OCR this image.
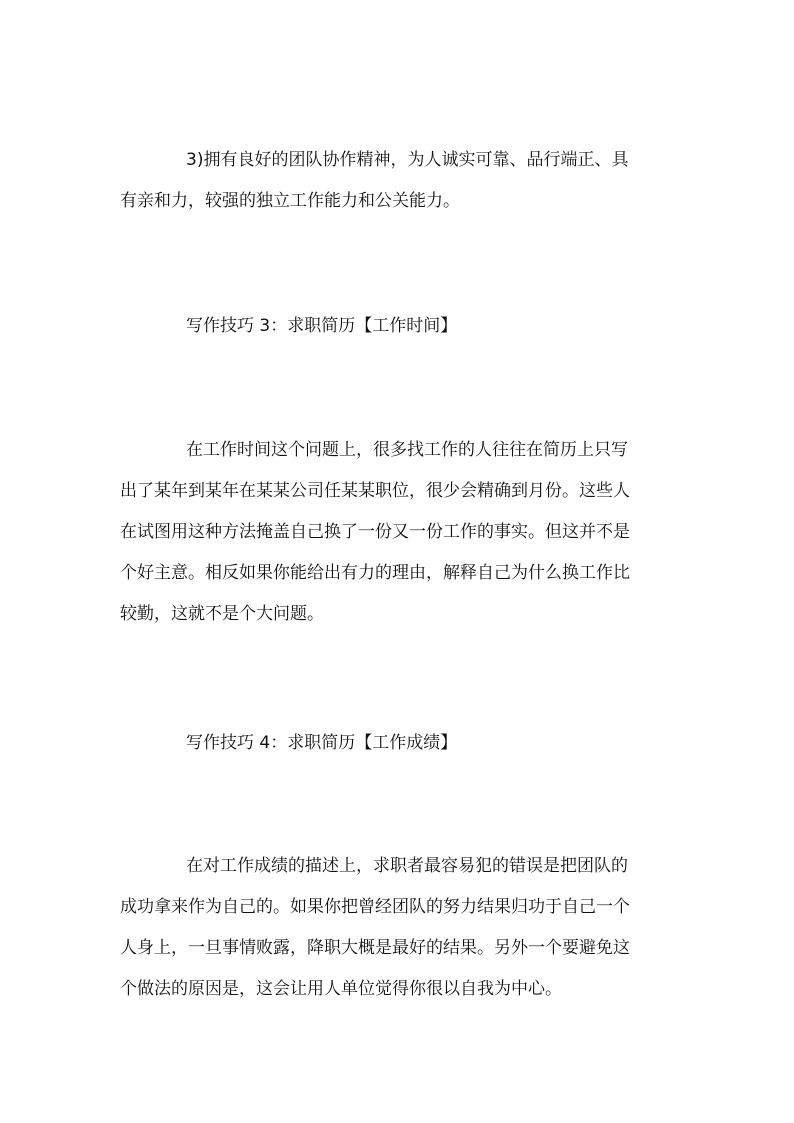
3)拥有良好的团队协作精神，为人诚实可靠、品行端正、具
有亲和力，较强的独立工作能力和公关能力。
写作技巧 3：求职简历【工作时间】
在工作时间这个问题上，很多找工作的人往往在简历上只写
出了某年到某年在某某公司任某某职位，很少会精确到月份。这些人
在试图用这种方法掩盖自己换了一份又一份工作的事实。但这并不是
个好主意。相反如果你能给出有力的理由，解释自己为什么换工作比
较勤，这就不是个大问题。
写作技巧 4：求职简历【工作成绩】
在对工作成绩的描述上，求职者最容易犯的错误是把团队的
成功拿来作为自己的。如果你把曾经团队的努力结果归功于自己一个
人身上，一旦事情败露，降职大概是最好的结果。另外一个要避免这
个做法的原因是，这会让用人单位觉得你很以自我为中心。
